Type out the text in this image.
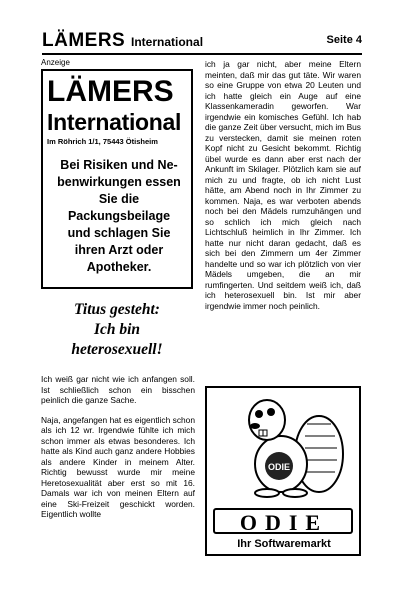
LÄMERS International	Seite 4
Anzeige
LÄMERS
International
Im Röhrich 1/1, 75443 Ötisheim
Bei Risiken und Ne-
benwirkungen essen
Sie die
Packungsbeilage
und schlagen Sie
ihren Arzt oder
Apotheker.
Titus gesteht:
Ich bin
heterosexuell!

Ich weiß gar nicht wie ich anfangen soll. Ist schließlich schon ein bisschen peinlich die ganze Sache.

Naja, angefangen hat es eigentlich schon als ich 12 wr. Irgendwie fühlte ich mich schon immer als etwas besonderes. Ich hatte als Kind auch ganz andere Hobbies als andere Kinder in meinem Alter. Richtig bewusst wurde mir meine Heretosexualität aber erst so mit 16. Damals war ich von meinen Eltern auf eine Ski-Freizeit geschickt worden. Eigentlich wollte

ich ja gar nicht, aber meine Eltern meinten, daß mir das gut täte. Wir waren so eine Gruppe von etwa 20 Leuten und ich hatte gleich ein Auge auf eine Klassenkameradin geworfen. War irgendwie ein komisches Gefühl. Ich hab die ganze Zeit über versucht, mich im Bus zu verstecken, damit sie meinen roten Kopf nicht zu Gesicht bekommt. Richtig übel wurde es dann aber erst nach der Ankunft im Skilager. Plötzlich kam sie auf mich zu und fragte, ob ich nicht Lust hätte, am Abend noch in Ihr Zimmer zu kommen. Naja, es war verboten abends noch bei den Mädels rumzuhängen und so schlich ich mich gleich nach Lichtschluß heimlich in Ihr Zimmer. Ich hatte nur nicht daran gedacht, daß es sich bei den Zimmern um 4er Zimmer handelte und so war ich plötzlich von vier Mädels umgeben, die an mir rumfingerten. Und seitdem weiß ich, daß ich heterosexuell bin. Ist mir aber irgendwie immer noch peinlich.
ODIE
ODIE
Ihr Softwaremarkt
